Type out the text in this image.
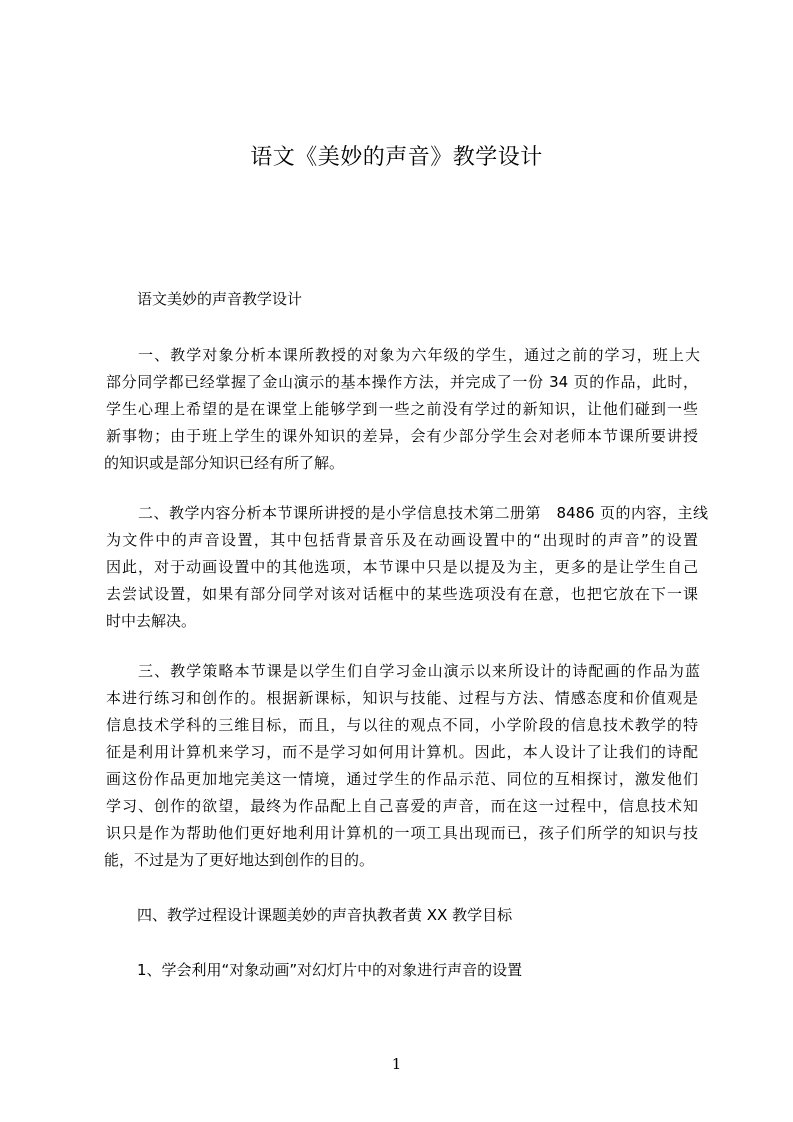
语文《美妙的声音》教学设计
语文美妙的声音教学设计
一、教学对象分析本课所教授的对象为六年级的学生，通过之前的学习，班上大
部分同学都已经掌握了金山演示的基本操作方法，并完成了一份 34 页的作品，此时，
学生心理上希望的是在课堂上能够学到一些之前没有学过的新知识，让他们碰到一些
新事物；由于班上学生的课外知识的差异，会有少部分学生会对老师本节课所要讲授
的知识或是部分知识已经有所了解。
二、教学内容分析本节课所讲授的是小学信息技术第二册第　8486 页的内容，主线
为文件中的声音设置，其中包括背景音乐及在动画设置中的“出现时的声音”的设置
因此，对于动画设置中的其他选项，本节课中只是以提及为主，更多的是让学生自己
去尝试设置，如果有部分同学对该对话框中的某些选项没有在意，也把它放在下一课
时中去解决。
三、教学策略本节课是以学生们自学习金山演示以来所设计的诗配画的作品为蓝
本进行练习和创作的。根据新课标，知识与技能、过程与方法、情感态度和价值观是
信息技术学科的三维目标，而且，与以往的观点不同，小学阶段的信息技术教学的特
征是利用计算机来学习，而不是学习如何用计算机。因此，本人设计了让我们的诗配
画这份作品更加地完美这一情境，通过学生的作品示范、同位的互相探讨，激发他们
学习、创作的欲望，最终为作品配上自己喜爱的声音，而在这一过程中，信息技术知
识只是作为帮助他们更好地利用计算机的一项工具出现而已，孩子们所学的知识与技
能，不过是为了更好地达到创作的目的。
四、教学过程设计课题美妙的声音执教者黄 XX 教学目标
1、学会利用“对象动画”对幻灯片中的对象进行声音的设置
1
